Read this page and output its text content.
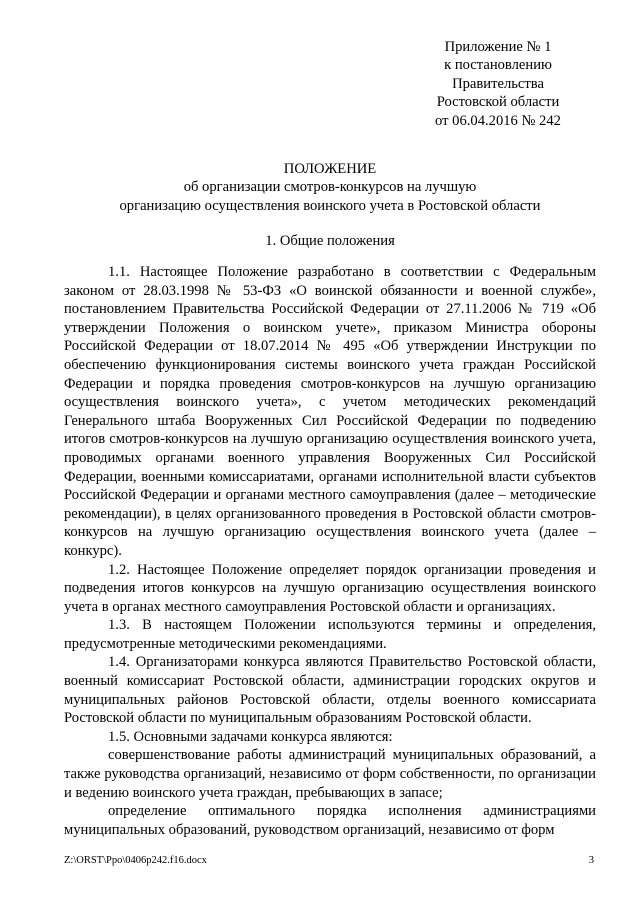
Приложение № 1
к постановлению
Правительства
Ростовской области
от 06.04.2016 № 242
ПОЛОЖЕНИЕ
об организации смотров-конкурсов на лучшую
организацию осуществления воинского учета в Ростовской области
1. Общие положения

1.1. Настоящее Положение разработано в соответствии с Федеральным законом от 28.03.1998 № 53-ФЗ «О воинской обязанности и военной службе», постановлением Правительства Российской Федерации от 27.11.2006 № 719 «Об утверждении Положения о воинском учете», приказом Министра обороны Российской Федерации от 18.07.2014 № 495 «Об утверждении Инструкции по обеспечению функционирования системы воинского учета граждан Российской Федерации и порядка проведения смотров-конкурсов на лучшую организацию осуществления воинского учета», с учетом методических рекомендаций Генерального штаба Вооруженных Сил Российской Федерации по подведению итогов смотров-конкурсов на лучшую организацию осуществления воинского учета, проводимых органами военного управления Вооруженных Сил Российской Федерации, военными комиссариатами, органами исполнительной власти субъектов Российской Федерации и органами местного самоуправления (далее – методические рекомендации), в целях организованного проведения в Ростовской области смотров-конкурсов на лучшую организацию осуществления воинского учета (далее – конкурс).

1.2. Настоящее Положение определяет порядок организации проведения и подведения итогов конкурсов на лучшую организацию осуществления воинского учета в органах местного самоуправления Ростовской области и организациях.

1.3. В настоящем Положении используются термины и определения, предусмотренные методическими рекомендациями.

1.4. Организаторами конкурса являются Правительство Ростовской области, военный комиссариат Ростовской области, администрации городских округов и муниципальных районов Ростовской области, отделы военного комиссариата Ростовской области по муниципальным образованиям Ростовской области.

1.5. Основными задачами конкурса являются:

совершенствование работы администраций муниципальных образований, а также руководства организаций, независимо от форм собственности, по организации и ведению воинского учета граждан, пребывающих в запасе;

определение оптимального порядка исполнения администрациями муниципальных образований, руководством организаций, независимо от форм

Z:\ORST\Ppo\0406p242.f16.docx	3
